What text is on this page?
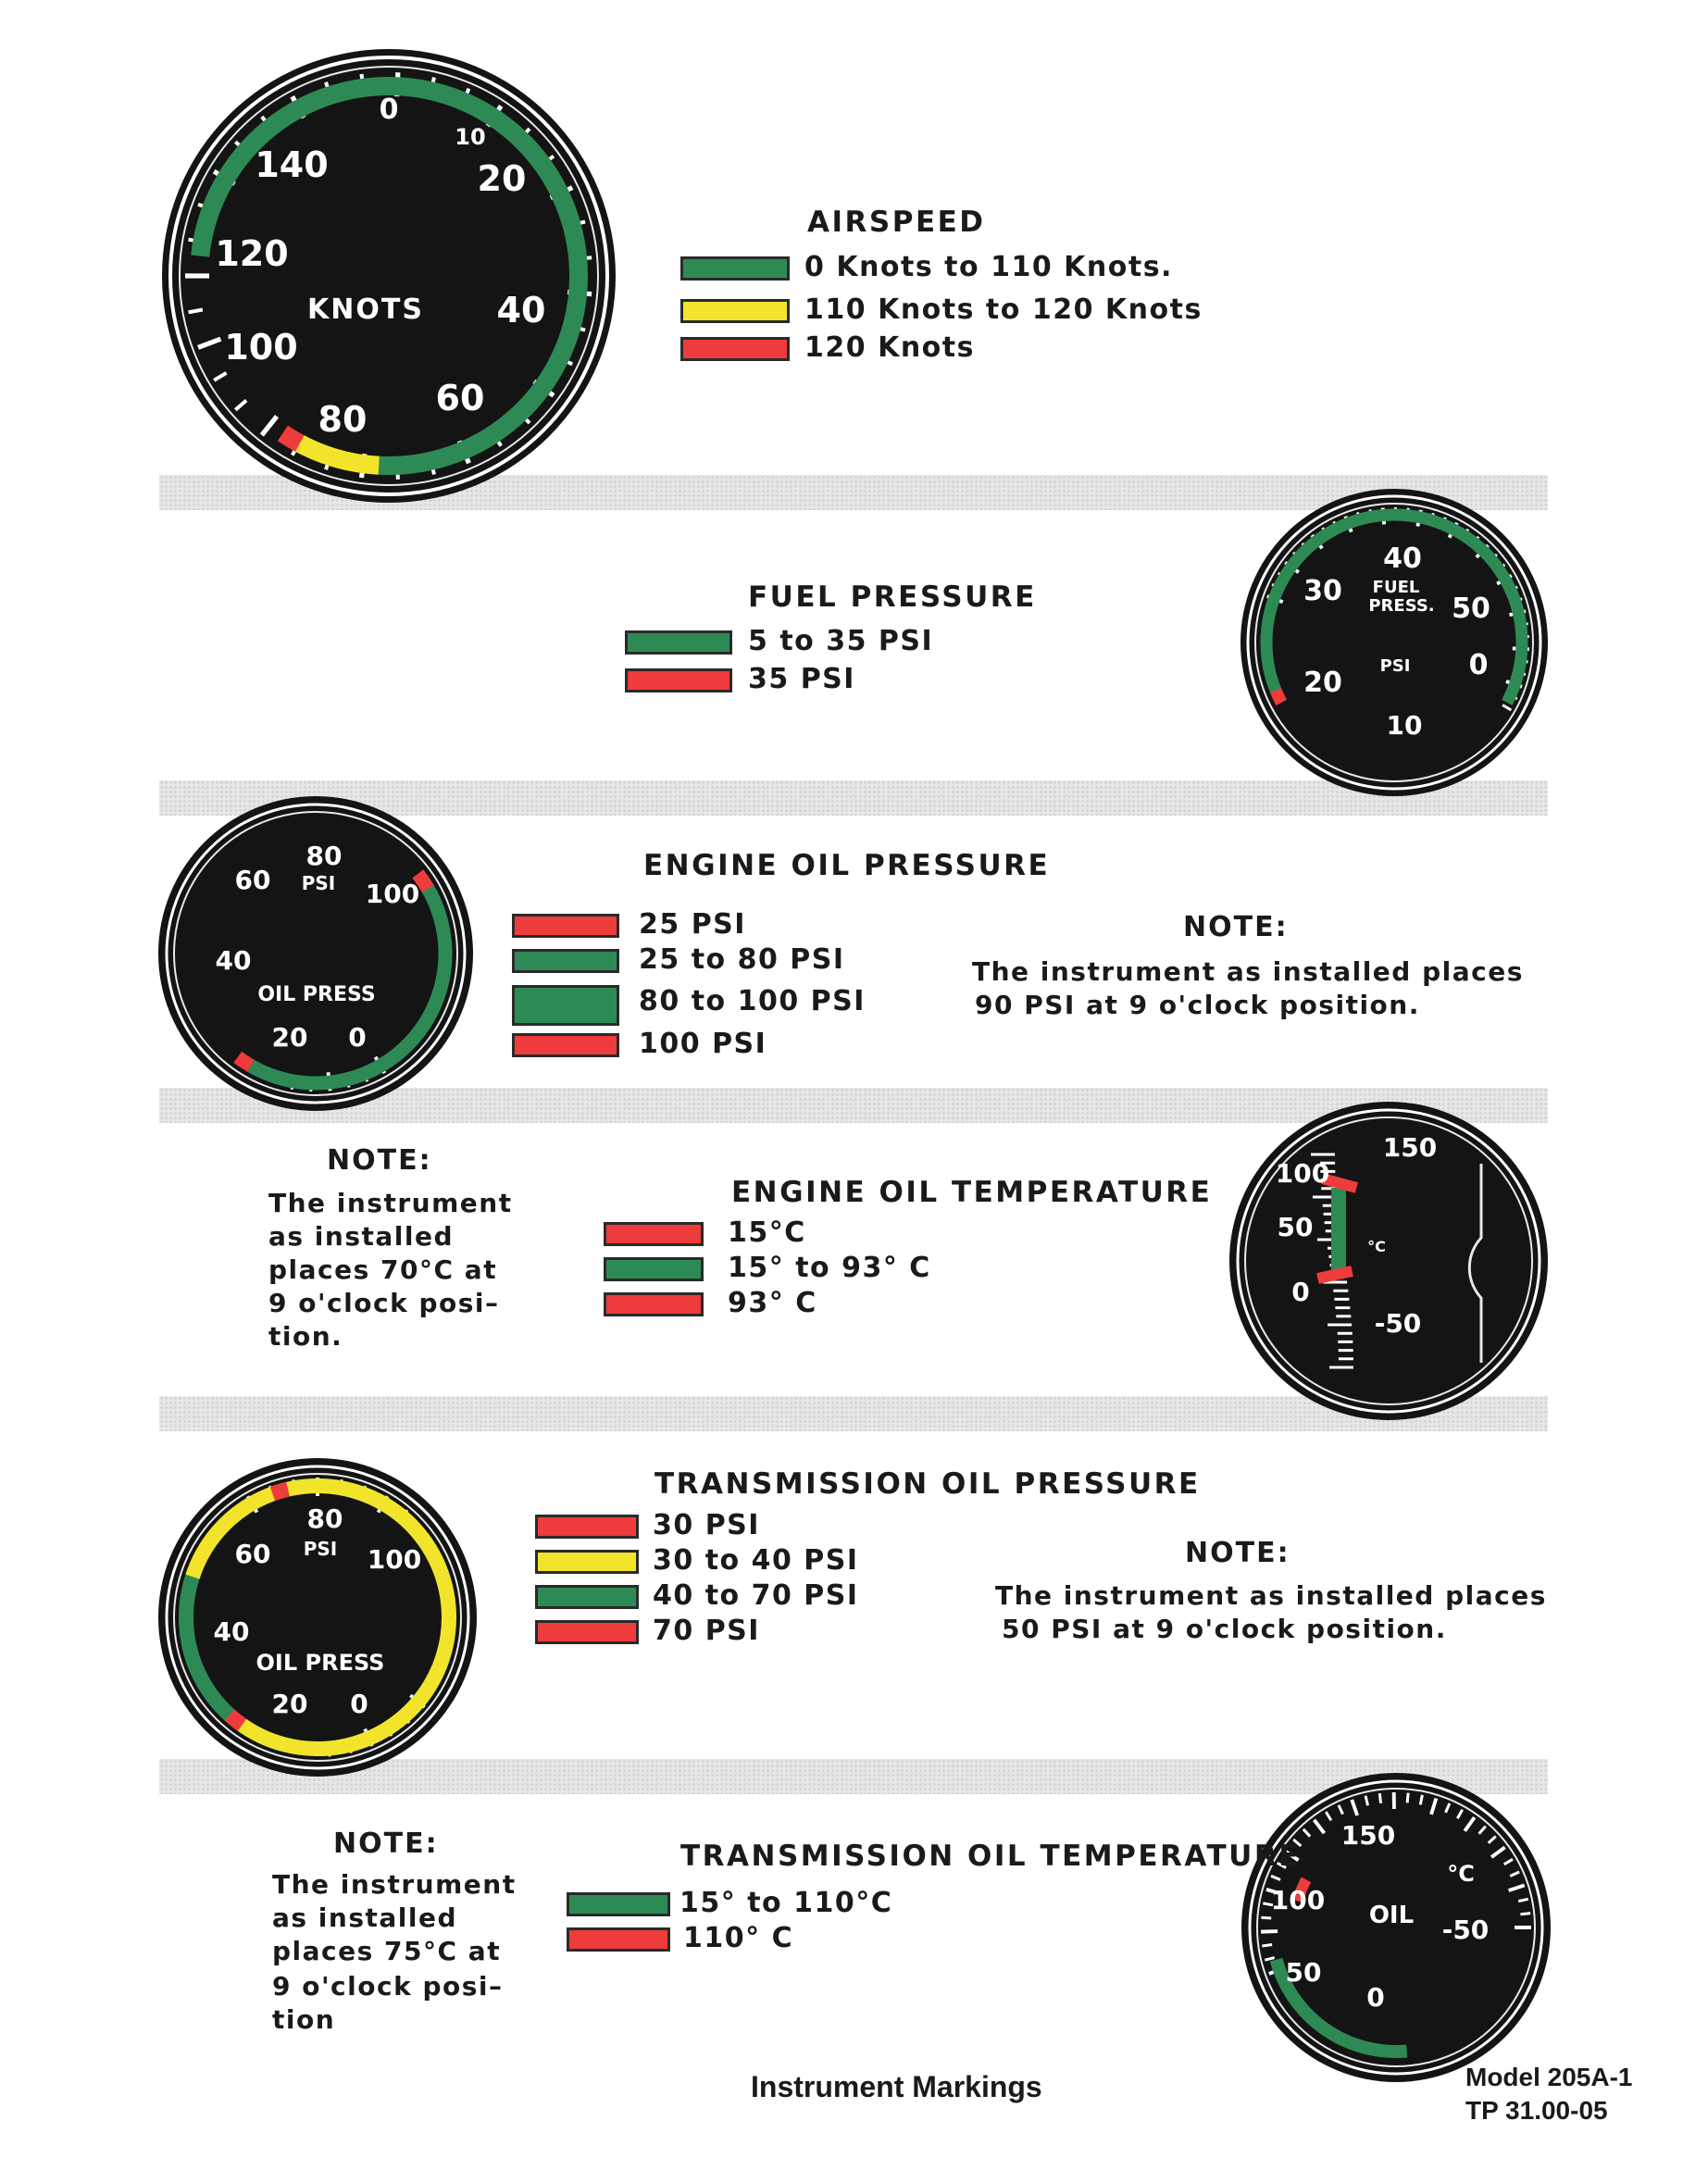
0
10
20
40
60
80
100
120
140
KNOTS
AIRSPEED
0 Knots to 110 Knots.
110 Knots to 120 Knots
120 Knots
40
30
50
20
0
10
FUEL
PRESS.
PSI
FUEL PRESSURE
5 to 35 PSI
35 PSI
80
60	100
40
20 0
PSI
OIL PRESS
ENGINE OIL PRESSURE
25 PSI
25 to 80 PSI
80 to 100 PSI
100 PSI
NOTE:
The instrument as installed places
90 PSI at 9 o'clock position.
150
100
50
0
-50
°C
ENGINE OIL TEMPERATURE
15°C
15° to 93° C
93° C
NOTE:
The instrument
as installed
places 70°C at
9 o'clock posi–
tion.
80
60	100
40
20 0
PSI
OIL PRESS
TRANSMISSION OIL PRESSURE
30 PSI
30 to 40 PSI
40 to 70 PSI
70 PSI
NOTE:
The instrument as installed places
50 PSI at 9 o'clock position.
150
100
-50
50
0
°C
OIL
TRANSMISSION OIL TEMPERATURE
15° to 110°C
110° C
NOTE:
The instrument
as installed
places 75°C at
9 o'clock posi–
tion
Instrument Markings	Model 205A-1
TP 31.00-05
